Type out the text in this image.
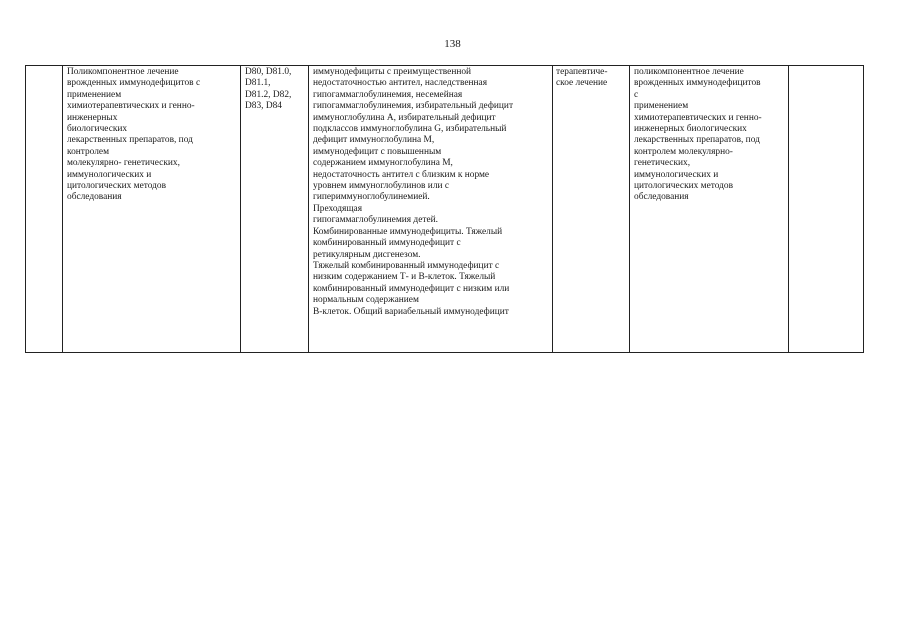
138
	Поликомпонентное лечение
врожденных иммунодефицитов с
применением
химиотерапевтических и генно-
инженерных
биологических
лекарственных препаратов, под
контролем
молекулярно- генетических,
иммунологических и
цитологических методов
обследования	D80, D81.0,
D81.1,
D81.2, D82,
D83, D84	иммунодефициты с преимущественной
недостаточностью антител, наследственная
гипогаммаглобулинемия, несемейная
гипогаммаглобулинемия, избирательный дефицит
иммуноглобулина А, избирательный дефицит
подклассов иммуноглобулина G, избирательный
дефицит иммуноглобулина М,
иммунодефицит с повышенным
содержанием иммуноглобулина М,
недостаточность антител с близким к норме
уровнем иммуноглобулинов или с
гипериммуноглобулинемией.
Преходящая
гипогаммаглобулинемия детей.
Комбинированные иммунодефициты. Тяжелый
комбинированный иммунодефицит с
ретикулярным дисгенезом.
Тяжелый комбинированный иммунодефицит с
низким содержанием Т- и В-клеток. Тяжелый
комбинированный иммунодефицит с низким или
нормальным содержанием
В-клеток. Общий вариабельный иммунодефицит	терапевтиче-
ское лечение	поликомпонентное лечение
врожденных иммунодефицитов
с
применением
химиотерапевтических и генно-
инженерных биологических
лекарственных препаратов, под
контролем молекулярно-
генетических,
иммунологических и
цитологических методов
обследования	
